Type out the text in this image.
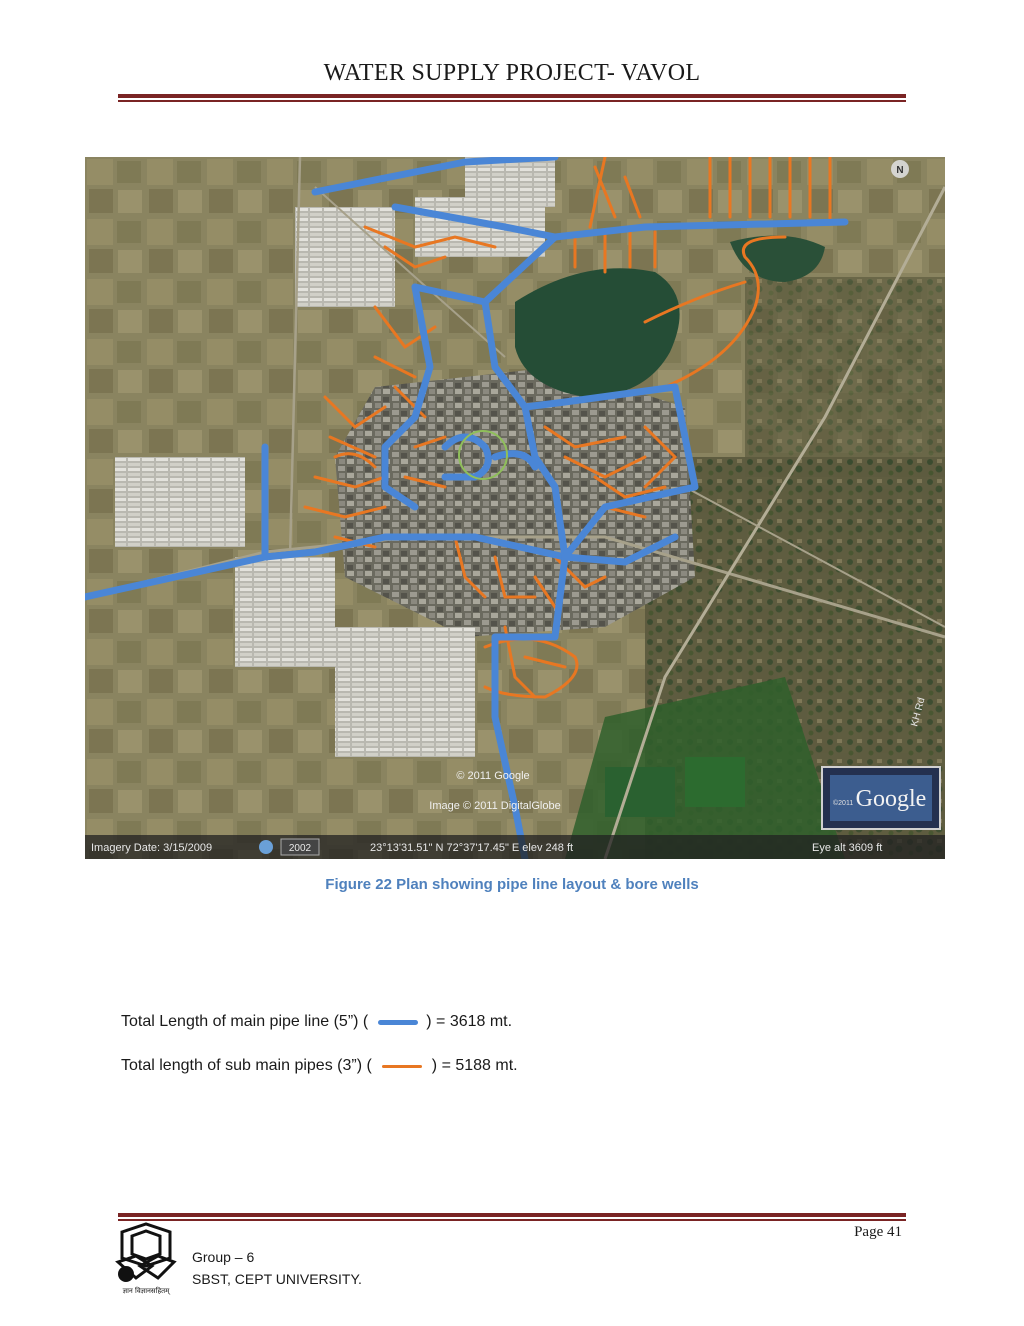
WATER SUPPLY PROJECT- VAVOL
N
KH Rd
© 2011 Google
Image © 2011 DigitalGlobe	Google
©2011
Imagery Date: 3/15/2009	2002	23°13'31.51" N 72°37'17.45" E elev 248 ft	Eye alt 3609 ft
Figure 22 Plan showing pipe line layout & bore wells
Total Length of main pipe line (5”) (	) = 3618 mt.
Total length of sub main pipes (3”) (	) = 5188 mt.
Page 41
ज्ञान विज्ञानसहितम्
Group – 6
SBST, CEPT UNIVERSITY.
